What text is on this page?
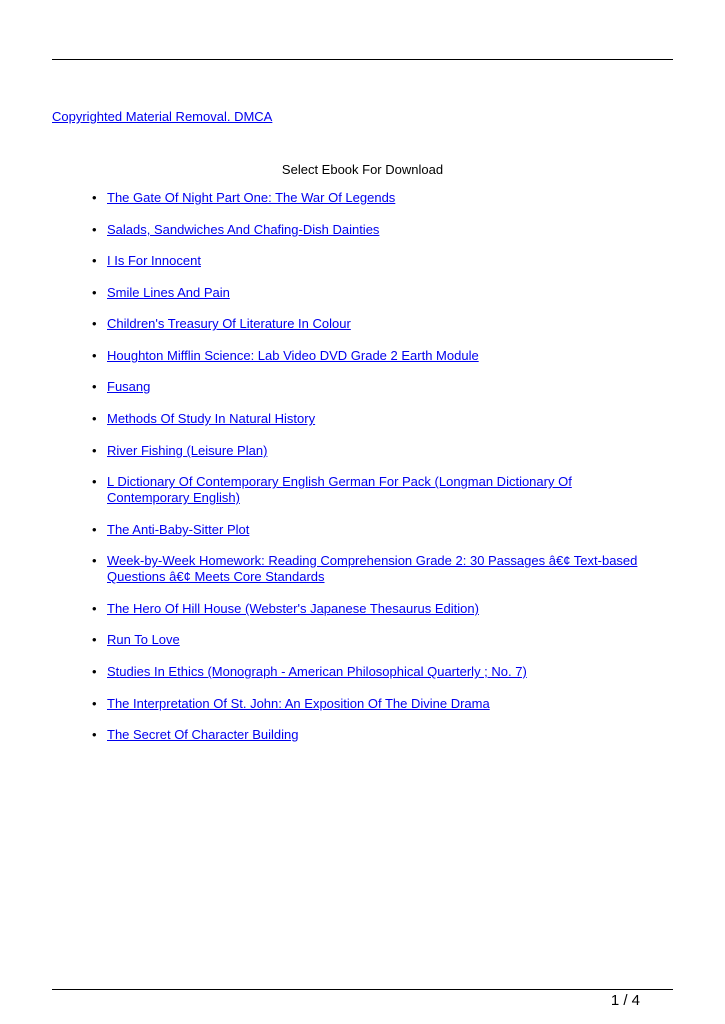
Copyrighted Material Removal. DMCA
Select Ebook For Download
• The Gate Of Night Part One: The War Of Legends
• Salads, Sandwiches And Chafing-Dish Dainties
• I Is For Innocent
• Smile Lines And Pain
• Children's Treasury Of Literature In Colour
• Houghton Mifflin Science: Lab Video DVD Grade 2 Earth Module
• Fusang
• Methods Of Study In Natural History
• River Fishing (Leisure Plan)
• L Dictionary Of Contemporary English German For Pack (Longman Dictionary Of Contemporary English)
• The Anti-Baby-Sitter Plot
• Week-by-Week Homework: Reading Comprehension Grade 2: 30 Passages â€¢ Text-based Questions â€¢ Meets Core Standards
• The Hero Of Hill House (Webster's Japanese Thesaurus Edition)
• Run To Love
• Studies In Ethics (Monograph - American Philosophical Quarterly ; No. 7)
• The Interpretation Of St. John: An Exposition Of The Divine Drama
• The Secret Of Character Building
1 / 4
